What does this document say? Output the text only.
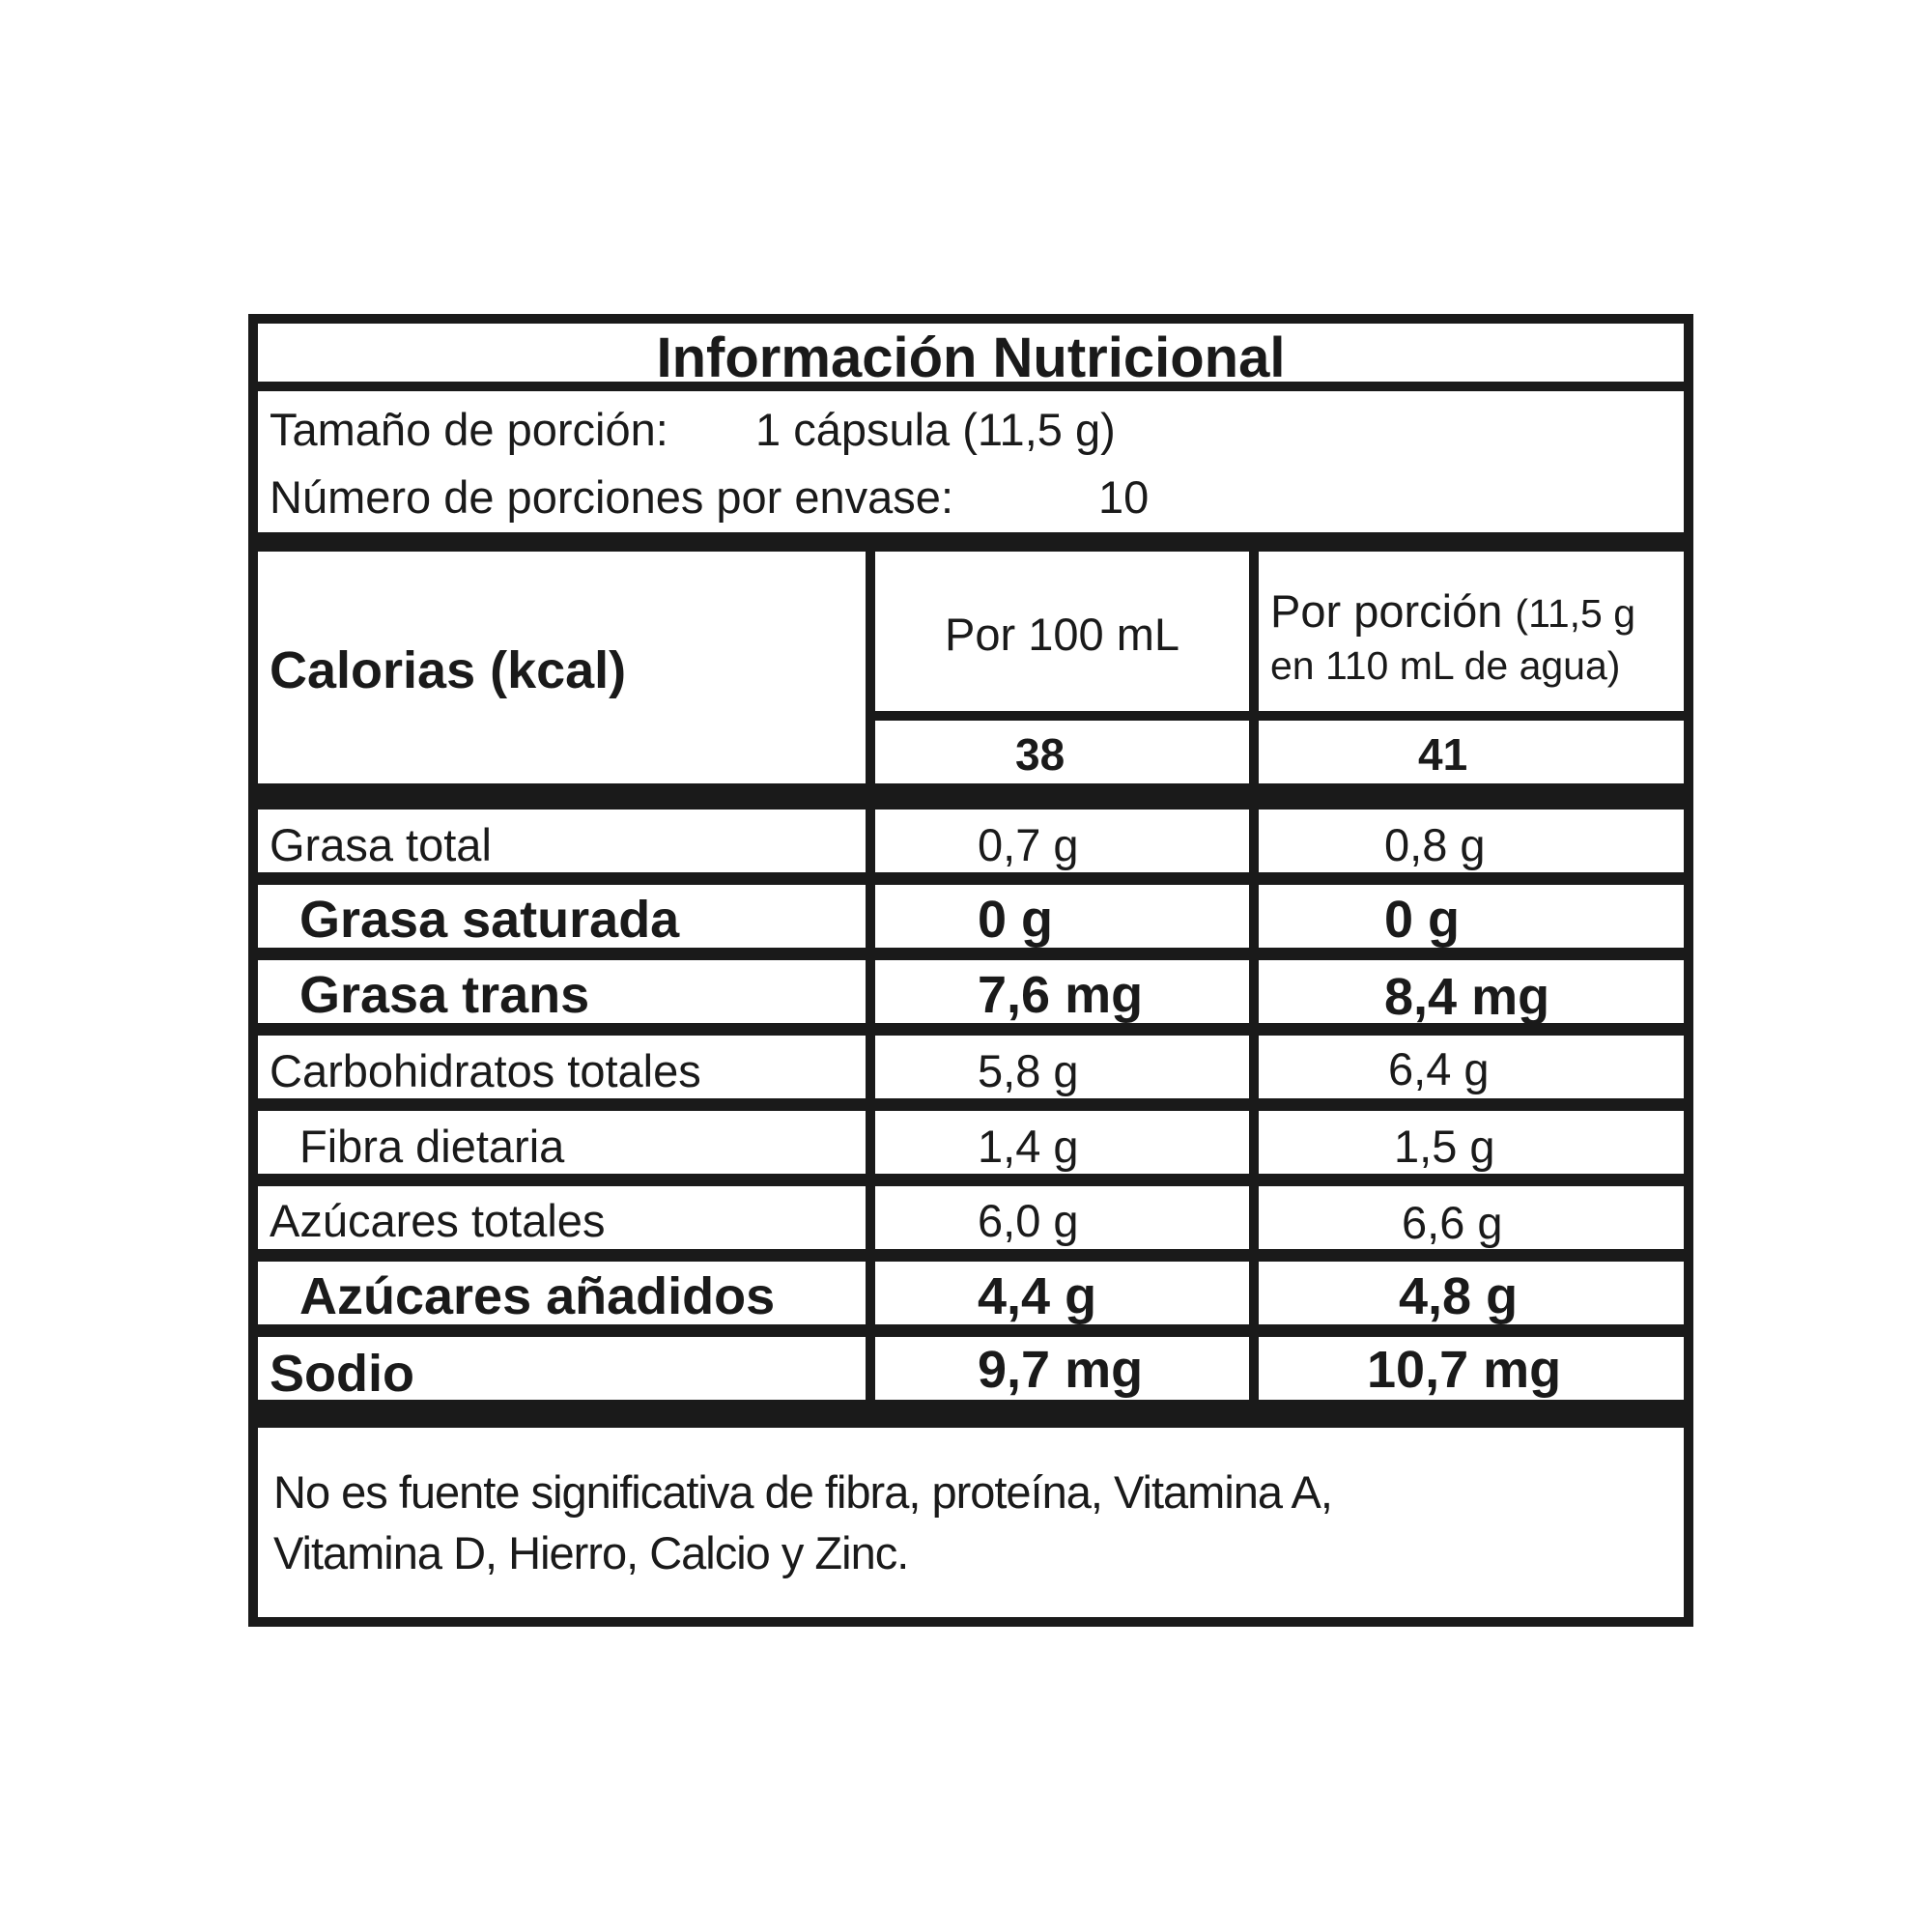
Información Nutricional
Tamaño de porción: 1 cápsula (11,5 g)
Número de porciones por envase:	10
Calorias (kcal)
Por 100 mL	Por porción (11,5 g
en 110 mL de agua)
38	41
Grasa total	0,7 g	0,8 g
Grasa saturada	0 g	0 g
Grasa trans	7,6 mg	8,4 mg
Carbohidratos totales	5,8 g	6,4 g
Fibra dietaria	1,4 g	1,5 g
Azúcares totales	6,0 g	6,6 g
Azúcares añadidos	4,4 g	4,8 g
Sodio	9,7 mg	10,7 mg
No es fuente significativa de fibra, proteína, Vitamina A,
Vitamina D, Hierro, Calcio y Zinc.
